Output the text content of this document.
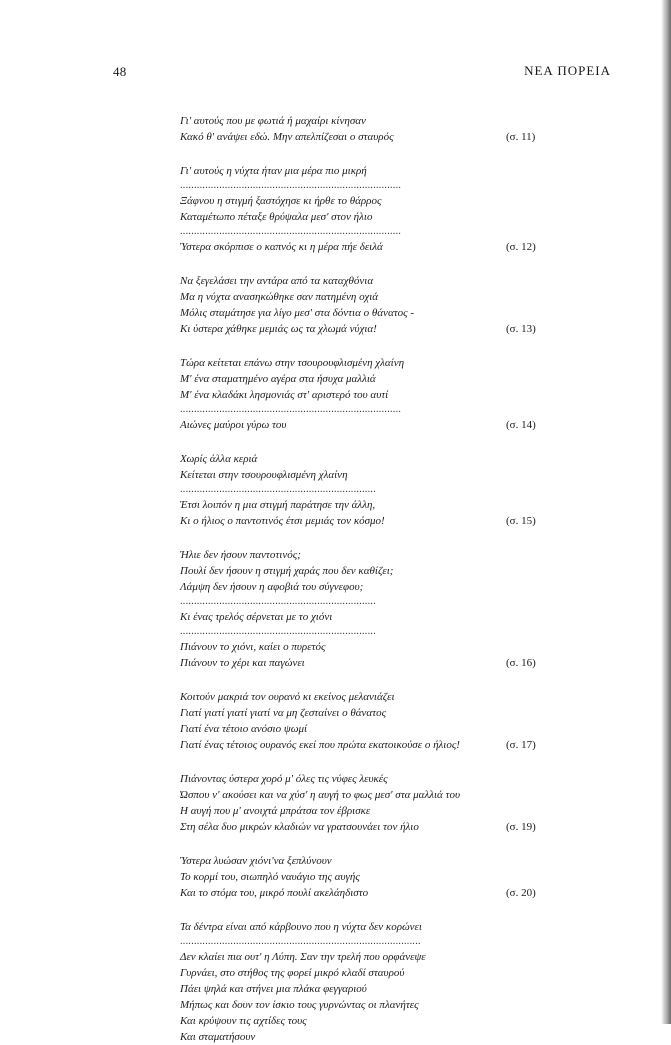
48	ΝΕΑ ΠΟΡΕΙΑ
Γι' αυτούς που με φωτιά ή μαχαίρι κίνησαν
Κακό θ' ανάψει εδώ. Μην απελπίζεσαι ο σταυρός	(σ. 11)
Γι' αυτούς η νύχτα ήταν μια μέρα πιο μικρή
...............................................................................
Ξάφνου η στιγμή ξαστόχησε κι ήρθε το θάρρος
Καταμέτωπο πέταξε θρύψαλα μεσ' στον ήλιο
...............................................................................
Ύστερα σκόρπισε ο καπνός κι η μέρα πήε δειλά	(σ. 12)
Να ξεγελάσει την αντάρα από τα καταχθόνια
Μα η νύχτα ανασηκώθηκε σαν πατημένη οχιά
Μόλις σταμάτησε για λίγο μεσ' στα δόντια ο θάνατος -
Κι ύστερα χάθηκε μεμιάς ως τα χλωμά νύχια!	(σ. 13)
Τώρα κείτεται επάνω στην τσουρουφλισμένη χλαίνη
Μ' ένα σταματημένο αγέρα στα ήσυχα μαλλιά
Μ' ένα κλαδάκι λησμονιάς στ' αριστερό του αυτί
...............................................................................
Αιώνες μαύροι γύρω του	(σ. 14)
Χωρίς άλλα κεριά
Κείτεται στην τσουρουφλισμένη χλαίνη
......................................................................
Έτσι λοιπόν η μια στιγμή παράτησε την άλλη,
Κι ο ήλιος ο παντοτινός έτσι μεμιάς τον κόσμο!	(σ. 15)
Ήλιε δεν ήσουν παντοτινός;
Πουλί δεν ήσουν η στιγμή χαράς που δεν καθίζει;
Λάμψη δεν ήσουν η αφοβιά του σύγνεφου;
......................................................................
Κι ένας τρελός σέρνεται με το χιόνι
......................................................................
Πιάνουν το χιόνι, καίει ο πυρετός
Πιάνουν το χέρι και παγώνει	(σ. 16)
Κοιτούν μακριά τον ουρανό κι εκείνος μελανιάζει
Γιατί γιατί γιατί γιατί να μη ζεσταίνει ο θάνατος
Γιατί ένα τέτοιο ανόσιο ψωμί
Γιατί ένας τέτοιος ουρανός εκεί που πρώτα εκατοικούσε ο ήλιος!	(σ. 17)
Πιάνοντας ύστερα χορό μ' όλες τις νύφες λευκές
Ώσπου ν' ακούσει και να χύσ' η αυγή το φως μεσ' στα μαλλιά του
Η αυγή που μ' ανοιχτά μπράτσα τον έβρισκε
Στη σέλα δυο μικρών κλαδιών να γρατσουνάει τον ήλιο	(σ. 19)
Ύστερα λυώσαν χιόνι'να ξεπλύνουν
Το κορμί του, σιωπηλό ναυάγιο της αυγής
Και το στόμα του, μικρό πουλί ακελάηδιστο	(σ. 20)
Τα δέντρα είναι από κάρβουνο που η νύχτα δεν κορώνει
......................................................................................
Δεν κλαίει πια ουτ' η Λύπη. Σαν την τρελή που ορφάνεψε
Γυρνάει, στο στήθος της φορεί μικρό κλαδί σταυρού
Πάει ψηλά και στήνει μια πλάκα φεγγαριού
Μήπως και δουν τον ίσκιο τους γυρνώντας οι πλανήτες
Και κρύψουν τις αχτίδες τους
Και σταματήσουν
